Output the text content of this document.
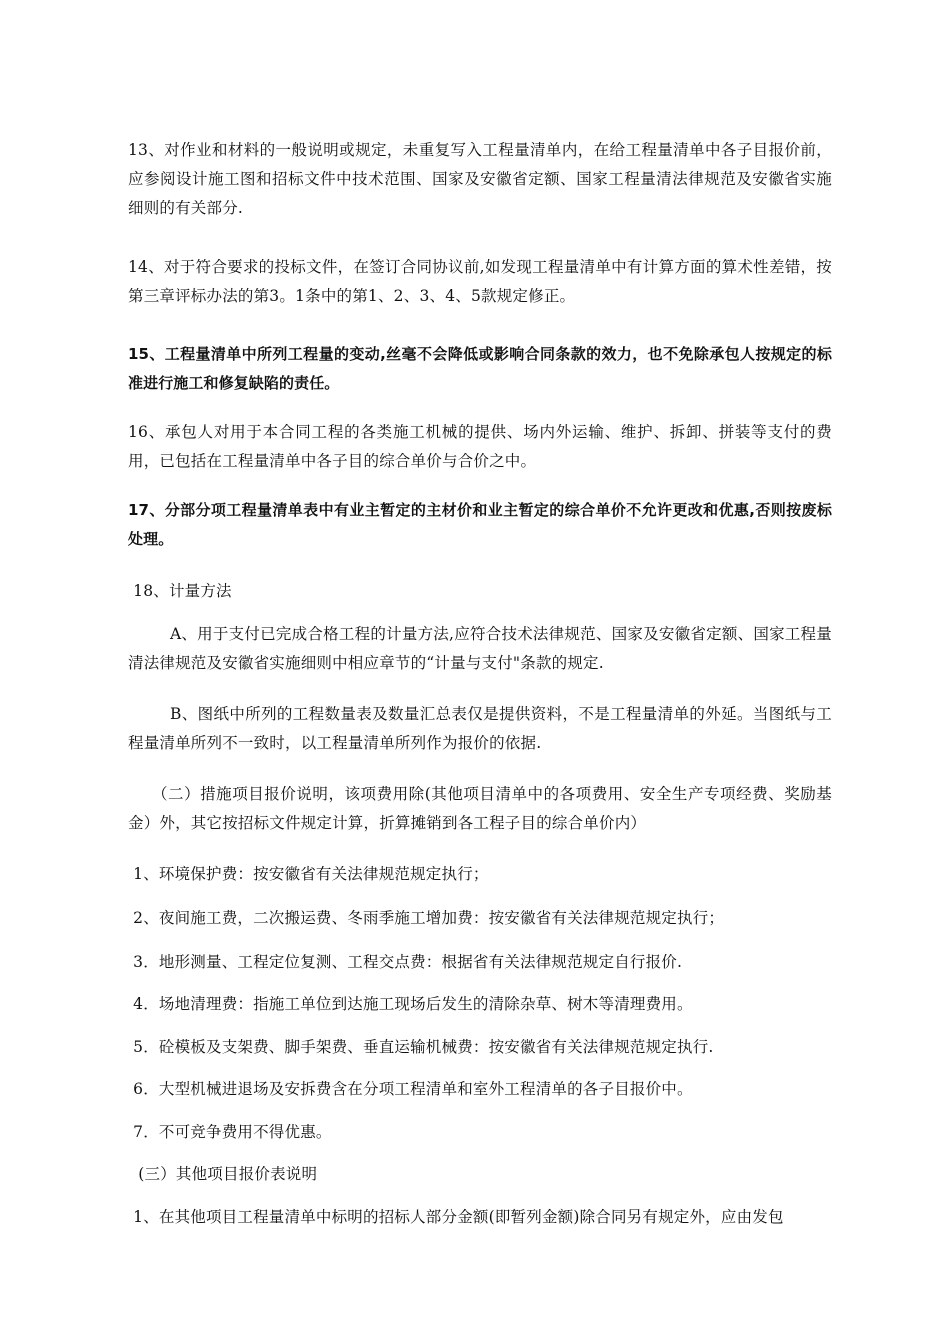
13、对作业和材料的一般说明或规定，未重复写入工程量清单内，在给工程量清单中各子目报价前，应参阅设计施工图和招标文件中技术范围、国家及安徽省定额、国家工程量清法律规范及安徽省实施细则的有关部分.

14、对于符合要求的投标文件，在签订合同协议前,如发现工程量清单中有计算方面的算术性差错，按第三章评标办法的第3。1条中的第1、2、3、4、5款规定修正。

15、工程量清单中所列工程量的变动,丝毫不会降低或影响合同条款的效力，也不免除承包人按规定的标准进行施工和修复缺陷的责任。

16、承包人对用于本合同工程的各类施工机械的提供、场内外运输、维护、拆卸、拼装等支付的费用，已包括在工程量清单中各子目的综合单价与合价之中。

17、分部分项工程量清单表中有业主暂定的主材价和业主暂定的综合单价不允许更改和优惠,否则按废标处理。

18、计量方法

A、用于支付已完成合格工程的计量方法,应符合技术法律规范、国家及安徽省定额、国家工程量清法律规范及安徽省实施细则中相应章节的“计量与支付"条款的规定.

B、图纸中所列的工程数量表及数量汇总表仅是提供资料，不是工程量清单的外延。当图纸与工程量清单所列不一致时，以工程量清单所列作为报价的依据.

（二）措施项目报价说明，该项费用除(其他项目清单中的各项费用、安全生产专项经费、奖励基金）外，其它按招标文件规定计算，折算摊销到各工程子目的综合单价内）

1、环境保护费：按安徽省有关法律规范规定执行；

2、夜间施工费，二次搬运费、冬雨季施工增加费：按安徽省有关法律规范规定执行；

3．地形测量、工程定位复测、工程交点费：根据省有关法律规范规定自行报价.

4．场地清理费：指施工单位到达施工现场后发生的清除杂草、树木等清理费用。

5．砼模板及支架费、脚手架费、垂直运输机械费：按安徽省有关法律规范规定执行.

6．大型机械进退场及安拆费含在分项工程清单和室外工程清单的各子目报价中。

7．不可竞争费用不得优惠。

(三）其他项目报价表说明

1、在其他项目工程量清单中标明的招标人部分金额(即暂列金额)除合同另有规定外，应由发包
